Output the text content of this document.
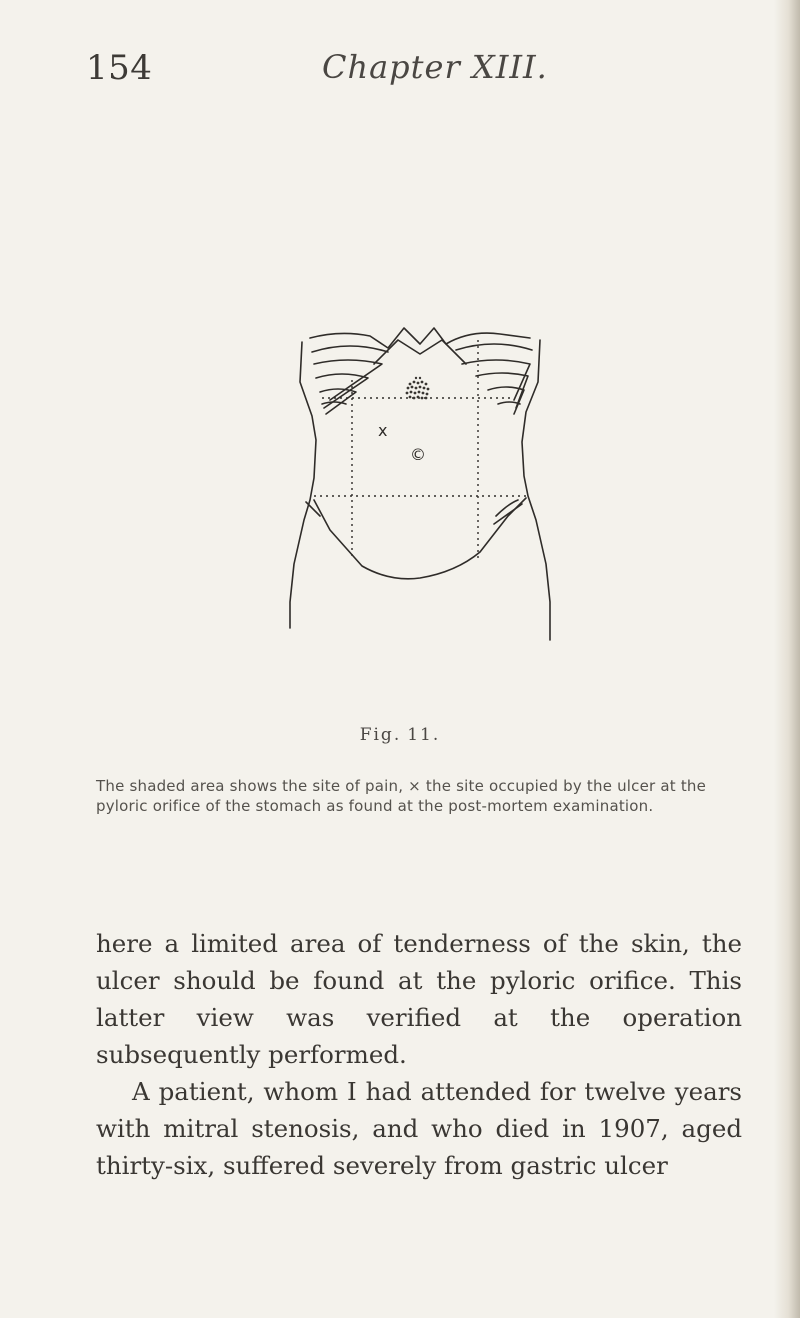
154	Chapter XIII.
x
©
Fig. 11.
The shaded area shows the site of pain, × the site occupied by the ulcer at the pyloric orifice of the stomach as found at the post-mortem examination.

here a limited area of tenderness of the skin, the ulcer should be found at the pyloric orifice. This latter view was verified at the operation subsequently performed.

A patient, whom I had attended for twelve years with mitral stenosis, and who died in 1907, aged thirty-six, suffered severely from gastric ulcer
